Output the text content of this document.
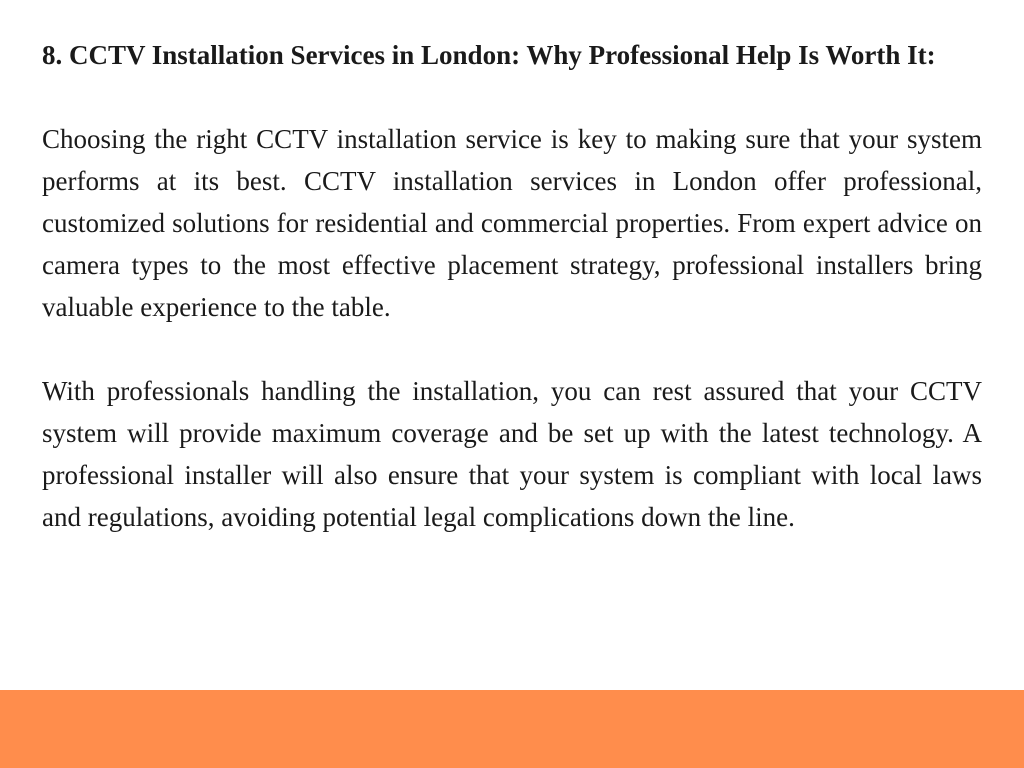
8. CCTV Installation Services in London: Why Professional Help Is Worth It:

Choosing the right CCTV installation service is key to making sure that your system performs at its best. CCTV installation services in London offer professional, customized solutions for residential and commercial properties. From expert advice on camera types to the most effective placement strategy, professional installers bring valuable experience to the table.

With professionals handling the installation, you can rest assured that your CCTV system will provide maximum coverage and be set up with the latest technology. A professional installer will also ensure that your system is compliant with local laws and regulations, avoiding potential legal complications down the line.
